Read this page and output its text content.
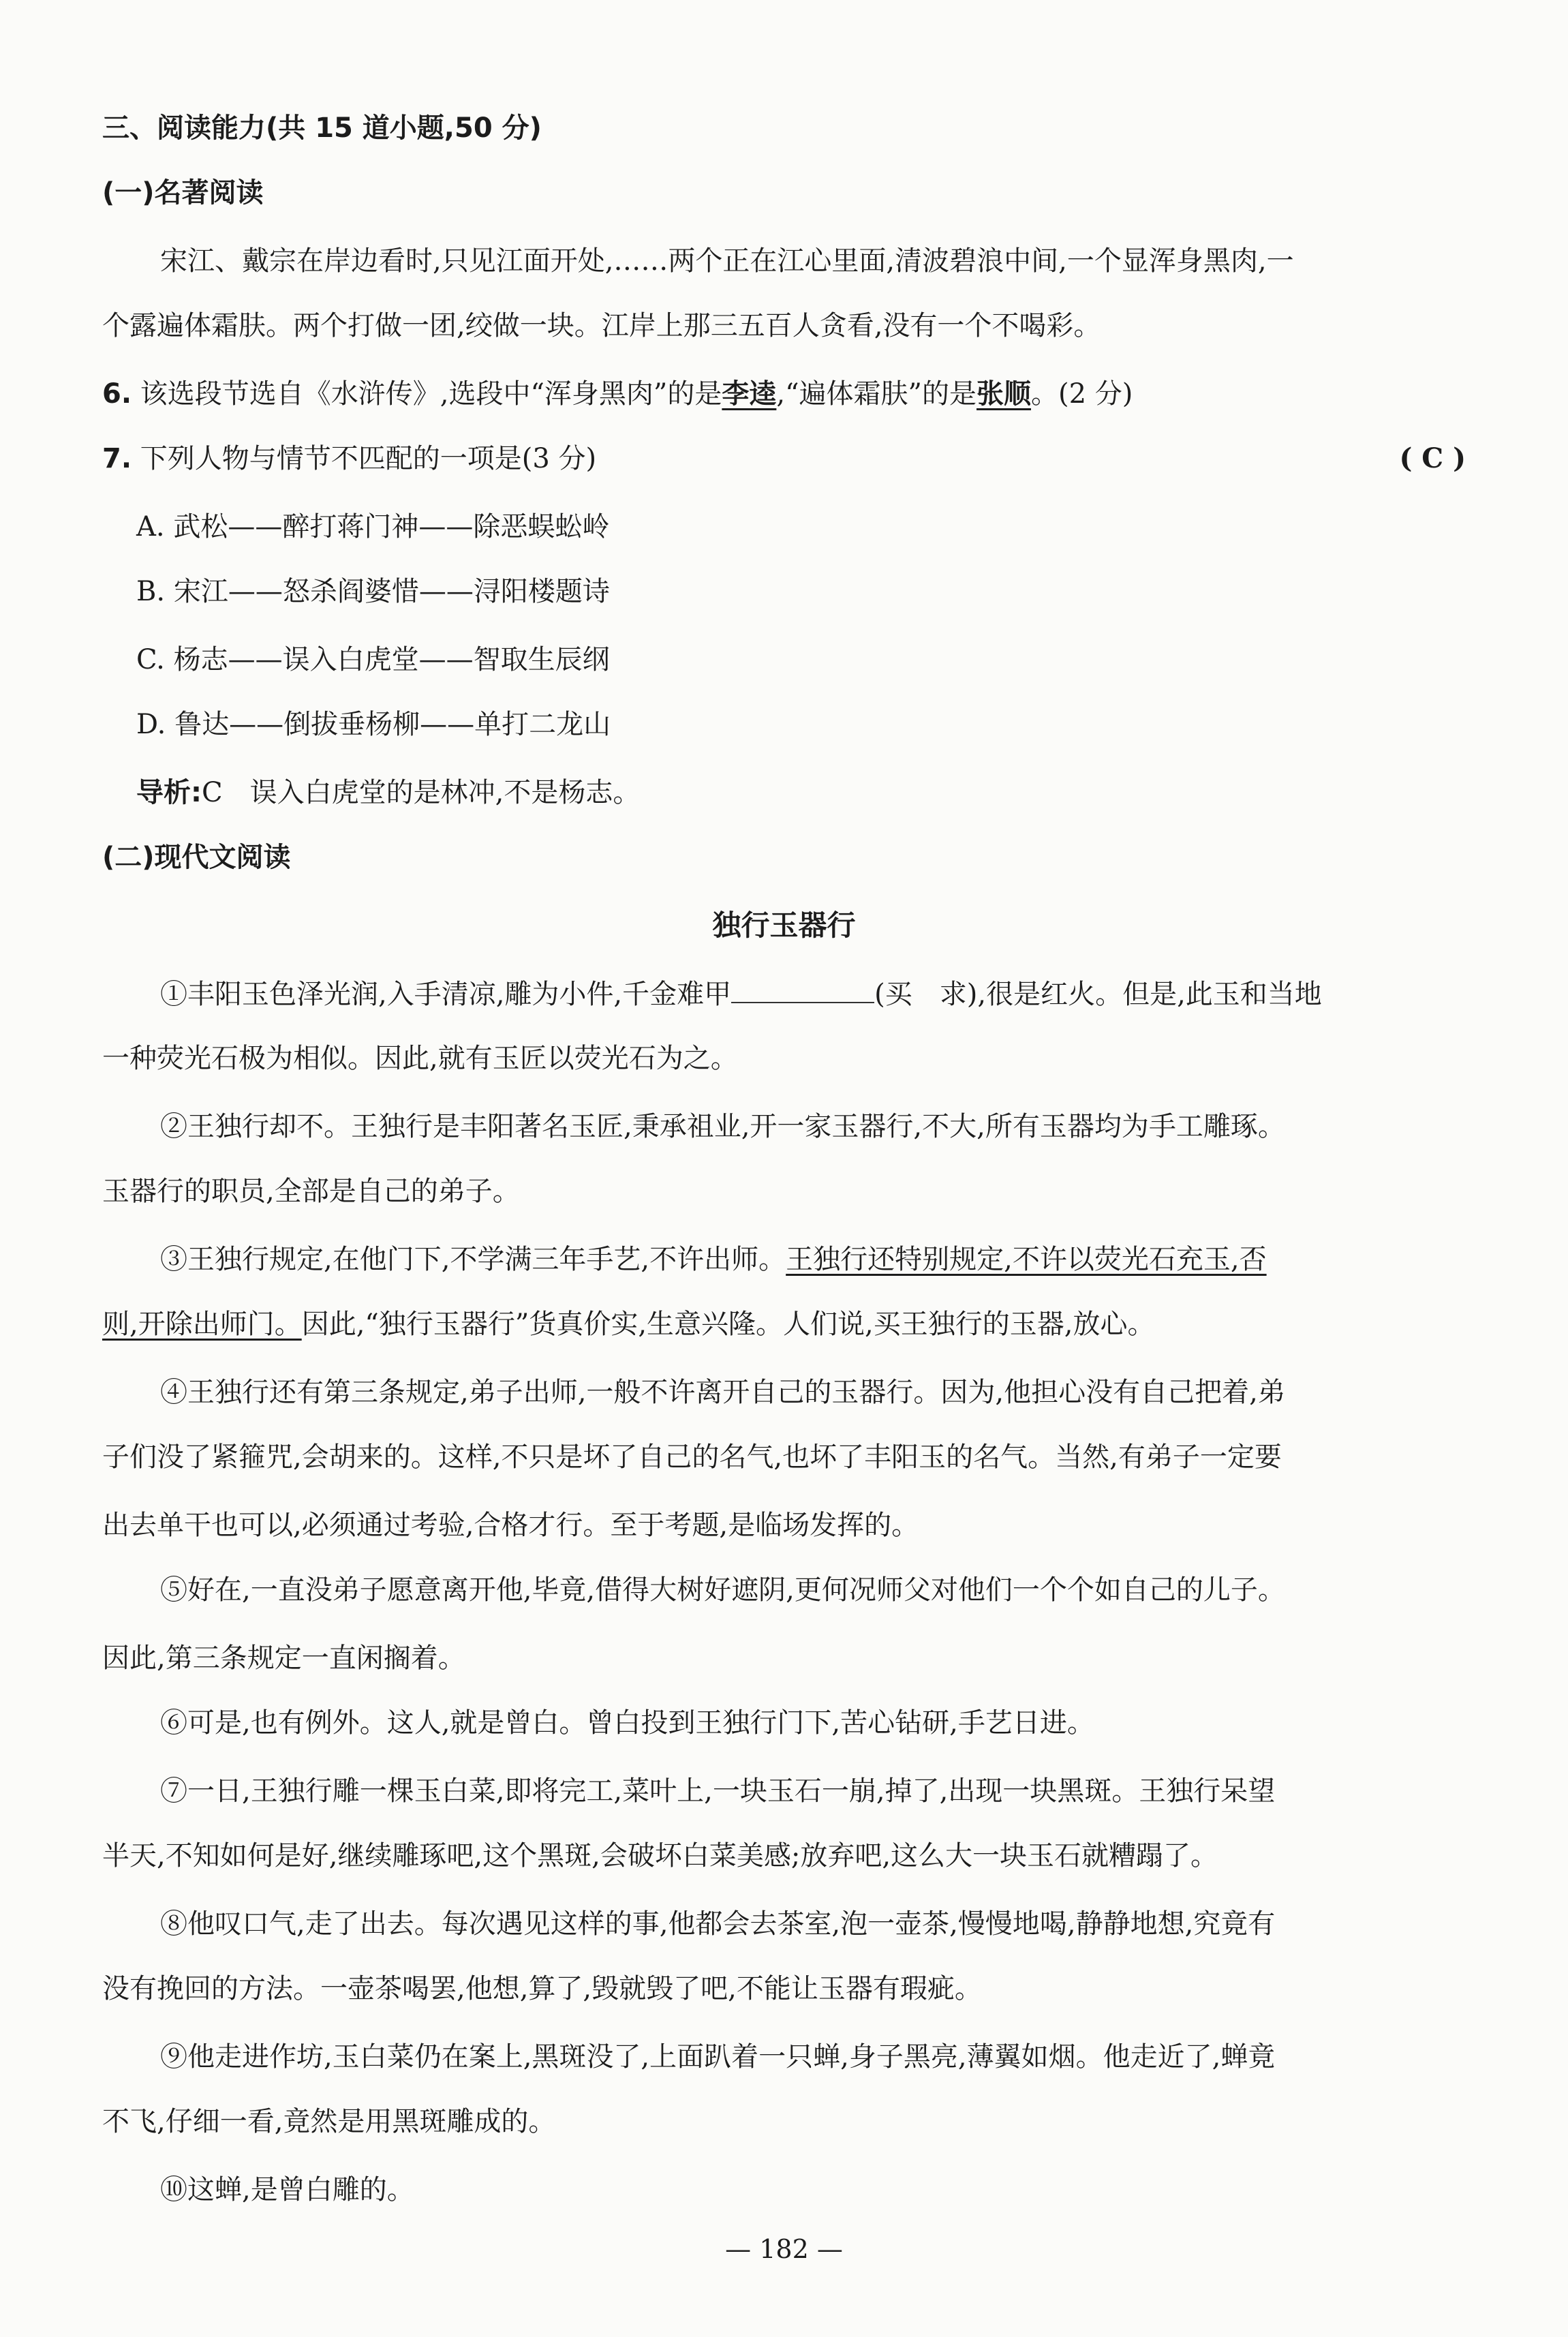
三、阅读能力(共 15 道小题,50 分)
(一)名著阅读
宋江、戴宗在岸边看时,只见江面开处,……两个正在江心里面,清波碧浪中间,一个显浑身黑肉,一
个露遍体霜肤。两个打做一团,绞做一块。江岸上那三五百人贪看,没有一个不喝彩。
6. 该选段节选自《水浒传》,选段中“浑身黑肉”的是李逵,“遍体霜肤”的是张顺。(2 分)
7. 下列人物与情节不匹配的一项是(3 分)	( C )
A. 武松——醉打蒋门神——除恶蜈蚣岭
B. 宋江——怒杀阎婆惜——浔阳楼题诗
C. 杨志——误入白虎堂——智取生辰纲
D. 鲁达——倒拔垂杨柳——单打二龙山
导析:C　误入白虎堂的是林冲,不是杨志。
(二)现代文阅读
独行玉器行
①丰阳玉色泽光润,入手清凉,雕为小件,千金难甲	(买　求),很是红火。但是,此玉和当地
一种荧光石极为相似。因此,就有玉匠以荧光石为之。
②王独行却不。王独行是丰阳著名玉匠,秉承祖业,开一家玉器行,不大,所有玉器均为手工雕琢。
玉器行的职员,全部是自己的弟子。
③王独行规定,在他门下,不学满三年手艺,不许出师。王独行还特别规定,不许以荧光石充玉,否
则,开除出师门。因此,“独行玉器行”货真价实,生意兴隆。人们说,买王独行的玉器,放心。
④王独行还有第三条规定,弟子出师,一般不许离开自己的玉器行。因为,他担心没有自己把着,弟
子们没了紧箍咒,会胡来的。这样,不只是坏了自己的名气,也坏了丰阳玉的名气。当然,有弟子一定要
出去单干也可以,必须通过考验,合格才行。至于考题,是临场发挥的。
⑤好在,一直没弟子愿意离开他,毕竟,借得大树好遮阴,更何况师父对他们一个个如自己的儿子。
因此,第三条规定一直闲搁着。
⑥可是,也有例外。这人,就是曾白。曾白投到王独行门下,苦心钻研,手艺日进。
⑦一日,王独行雕一棵玉白菜,即将完工,菜叶上,一块玉石一崩,掉了,出现一块黑斑。王独行呆望
半天,不知如何是好,继续雕琢吧,这个黑斑,会破坏白菜美感;放弃吧,这么大一块玉石就糟蹋了。
⑧他叹口气,走了出去。每次遇见这样的事,他都会去茶室,泡一壶茶,慢慢地喝,静静地想,究竟有
没有挽回的方法。一壶茶喝罢,他想,算了,毁就毁了吧,不能让玉器有瑕疵。
⑨他走进作坊,玉白菜仍在案上,黑斑没了,上面趴着一只蝉,身子黑亮,薄翼如烟。他走近了,蝉竟
不飞,仔细一看,竟然是用黑斑雕成的。
⑩这蝉,是曾白雕的。
— 182 —
